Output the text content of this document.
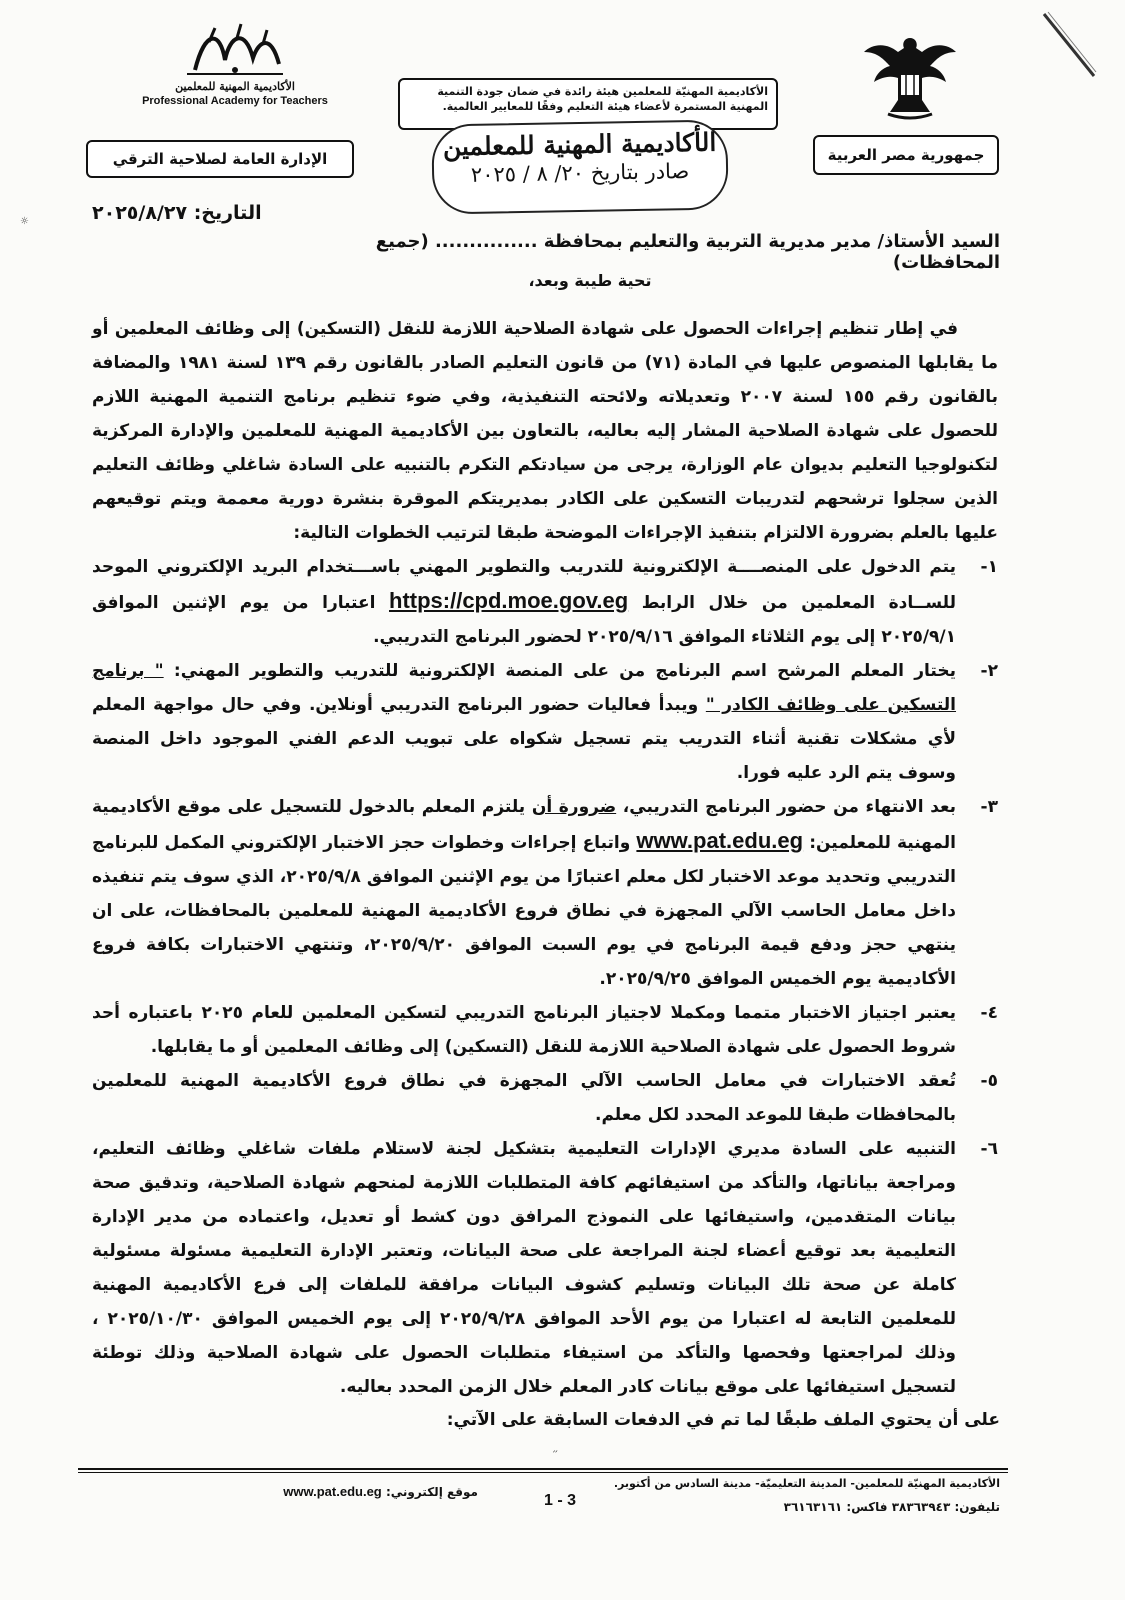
الأكاديمية المهنية للمعلمين
Professional Academy for Teachers
الأكاديمية المهنيّة للمعلمين هيئة رائدة في ضمان جودة التنمية المهنية المستمرة لأعضاء هيئة التعليم وفقًا للمعايير العالمية.
الإدارة العامة لصلاحية الترقي	جمهورية مصر العربية
الأكاديمية المهنية للمعلمين
صادر بتاريخ ٢٠/ ٨ / ٢٠٢٥
التاريخ: ٢٠٢٥/٨/٢٧
☼
السيد الأستاذ/ مدير مديرية التربية والتعليم بمحافظة ............... (جميع المحافظات)
تحية طيبة وبعد،

في إطار تنظيم إجراءات الحصول على شهادة الصلاحية اللازمة للنقل (التسكين) إلى وظائف المعلمين أو ما يقابلها المنصوص عليها في المادة (٧١) من قانون التعليم الصادر بالقانون رقم ١٣٩ لسنة ١٩٨١ والمضافة بالقانون رقم ١٥٥ لسنة ٢٠٠٧ وتعديلاته ولائحته التنفيذية، وفي ضوء تنظيم برنامج التنمية المهنية اللازم للحصول على شهادة الصلاحية المشار إليه بعاليه، بالتعاون بين الأكاديمية المهنية للمعلمين والإدارة المركزية لتكنولوجيا التعليم بديوان عام الوزارة، يرجى من سيادتكم التكرم بالتنبيه على السادة شاغلي وظائف التعليم الذين سجلوا ترشحهم لتدريبات التسكين على الكادر بمديريتكم الموقرة بنشرة دورية معممة ويتم توقيعهم عليها بالعلم بضرورة الالتزام بتنفيذ الإجراءات الموضحة طبقا لترتيب الخطوات التالية:

١-
يتم الدخول على المنصــــة الإلكترونية للتدريب والتطوير المهني باســـتخدام البريد الإلكتروني الموحد للســادة المعلمين من خلال الرابط https://cpd.moe.gov.eg اعتبارا من يوم الإثنين الموافق ٢٠٢٥/٩/١ إلى يوم الثلاثاء الموافق ٢٠٢٥/٩/١٦ لحضور البرنامج التدريبي.
٢-
يختار المعلم المرشح اسم البرنامج من على المنصة الإلكترونية للتدريب والتطوير المهني: " برنامج التسكين على وظائف الكادر " ويبدأ فعاليات حضور البرنامج التدريبي أونلاين. وفي حال مواجهة المعلم لأي مشكلات تقنية أثناء التدريب يتم تسجيل شكواه على تبويب الدعم الفني الموجود داخل المنصة وسوف يتم الرد عليه فورا.
٣-
بعد الانتهاء من حضور البرنامج التدريبي، ضرورة أن يلتزم المعلم بالدخول للتسجيل على موقع الأكاديمية المهنية للمعلمين: www.pat.edu.eg واتباع إجراءات وخطوات حجز الاختبار الإلكتروني المكمل للبرنامج التدريبي وتحديد موعد الاختبار لكل معلم اعتبارًا من يوم الإثنين الموافق ٢٠٢٥/٩/٨، الذي سوف يتم تنفيذه داخل معامل الحاسب الآلي المجهزة في نطاق فروع الأكاديمية المهنية للمعلمين بالمحافظات، على ان ينتهي حجز ودفع قيمة البرنامج في يوم السبت الموافق ٢٠٢٥/٩/٢٠، وتنتهي الاختبارات بكافة فروع الأكاديمية يوم الخميس الموافق ٢٠٢٥/٩/٢٥.
٤-
يعتبر اجتياز الاختبار متمما ومكملا لاجتياز البرنامج التدريبي لتسكين المعلمين للعام ٢٠٢٥ باعتباره أحد شروط الحصول على شهادة الصلاحية اللازمة للنقل (التسكين) إلى وظائف المعلمين أو ما يقابلها.
٥-
تُعقد الاختبارات في معامل الحاسب الآلي المجهزة في نطاق فروع الأكاديمية المهنية للمعلمين بالمحافظات طبقا للموعد المحدد لكل معلم.
٦-
التنبيه على السادة مديري الإدارات التعليمية بتشكيل لجنة لاستلام ملفات شاغلي وظائف التعليم، ومراجعة بياناتها، والتأكد من استيفائهم كافة المتطلبات اللازمة لمنحهم شهادة الصلاحية، وتدقيق صحة بيانات المتقدمين، واستيفائها على النموذج المرافق دون كشط أو تعديل، واعتماده من مدير الإدارة التعليمية بعد توقيع أعضاء لجنة المراجعة على صحة البيانات، وتعتبر الإدارة التعليمية مسئولة مسئولية كاملة عن صحة تلك البيانات وتسليم كشوف البيانات مرافقة للملفات إلى فرع الأكاديمية المهنية للمعلمين التابعة له اعتبارا من يوم الأحد الموافق ٢٠٢٥/٩/٢٨ إلى يوم الخميس الموافق ٢٠٢٥/١٠/٣٠ ، وذلك لمراجعتها وفحصها والتأكد من استيفاء متطلبات الحصول على شهادة الصلاحية وذلك توطئة لتسجيل استيفائها على موقع بيانات كادر المعلم خلال الزمن المحدد بعاليه.
على أن يحتوي الملف طبقًا لما تم في الدفعات السابقة على الآتي:
״
الأكاديمية المهنيّة للمعلمين- المدينة التعليميّة- مدينة السادس من أكتوبر.
تليفون: ٣٨٣٦٣٩٤٣ فاكس: ٣٦١٦٣١٦١
موقع إلكتروني: www.pat.edu.eg
1 - 3
